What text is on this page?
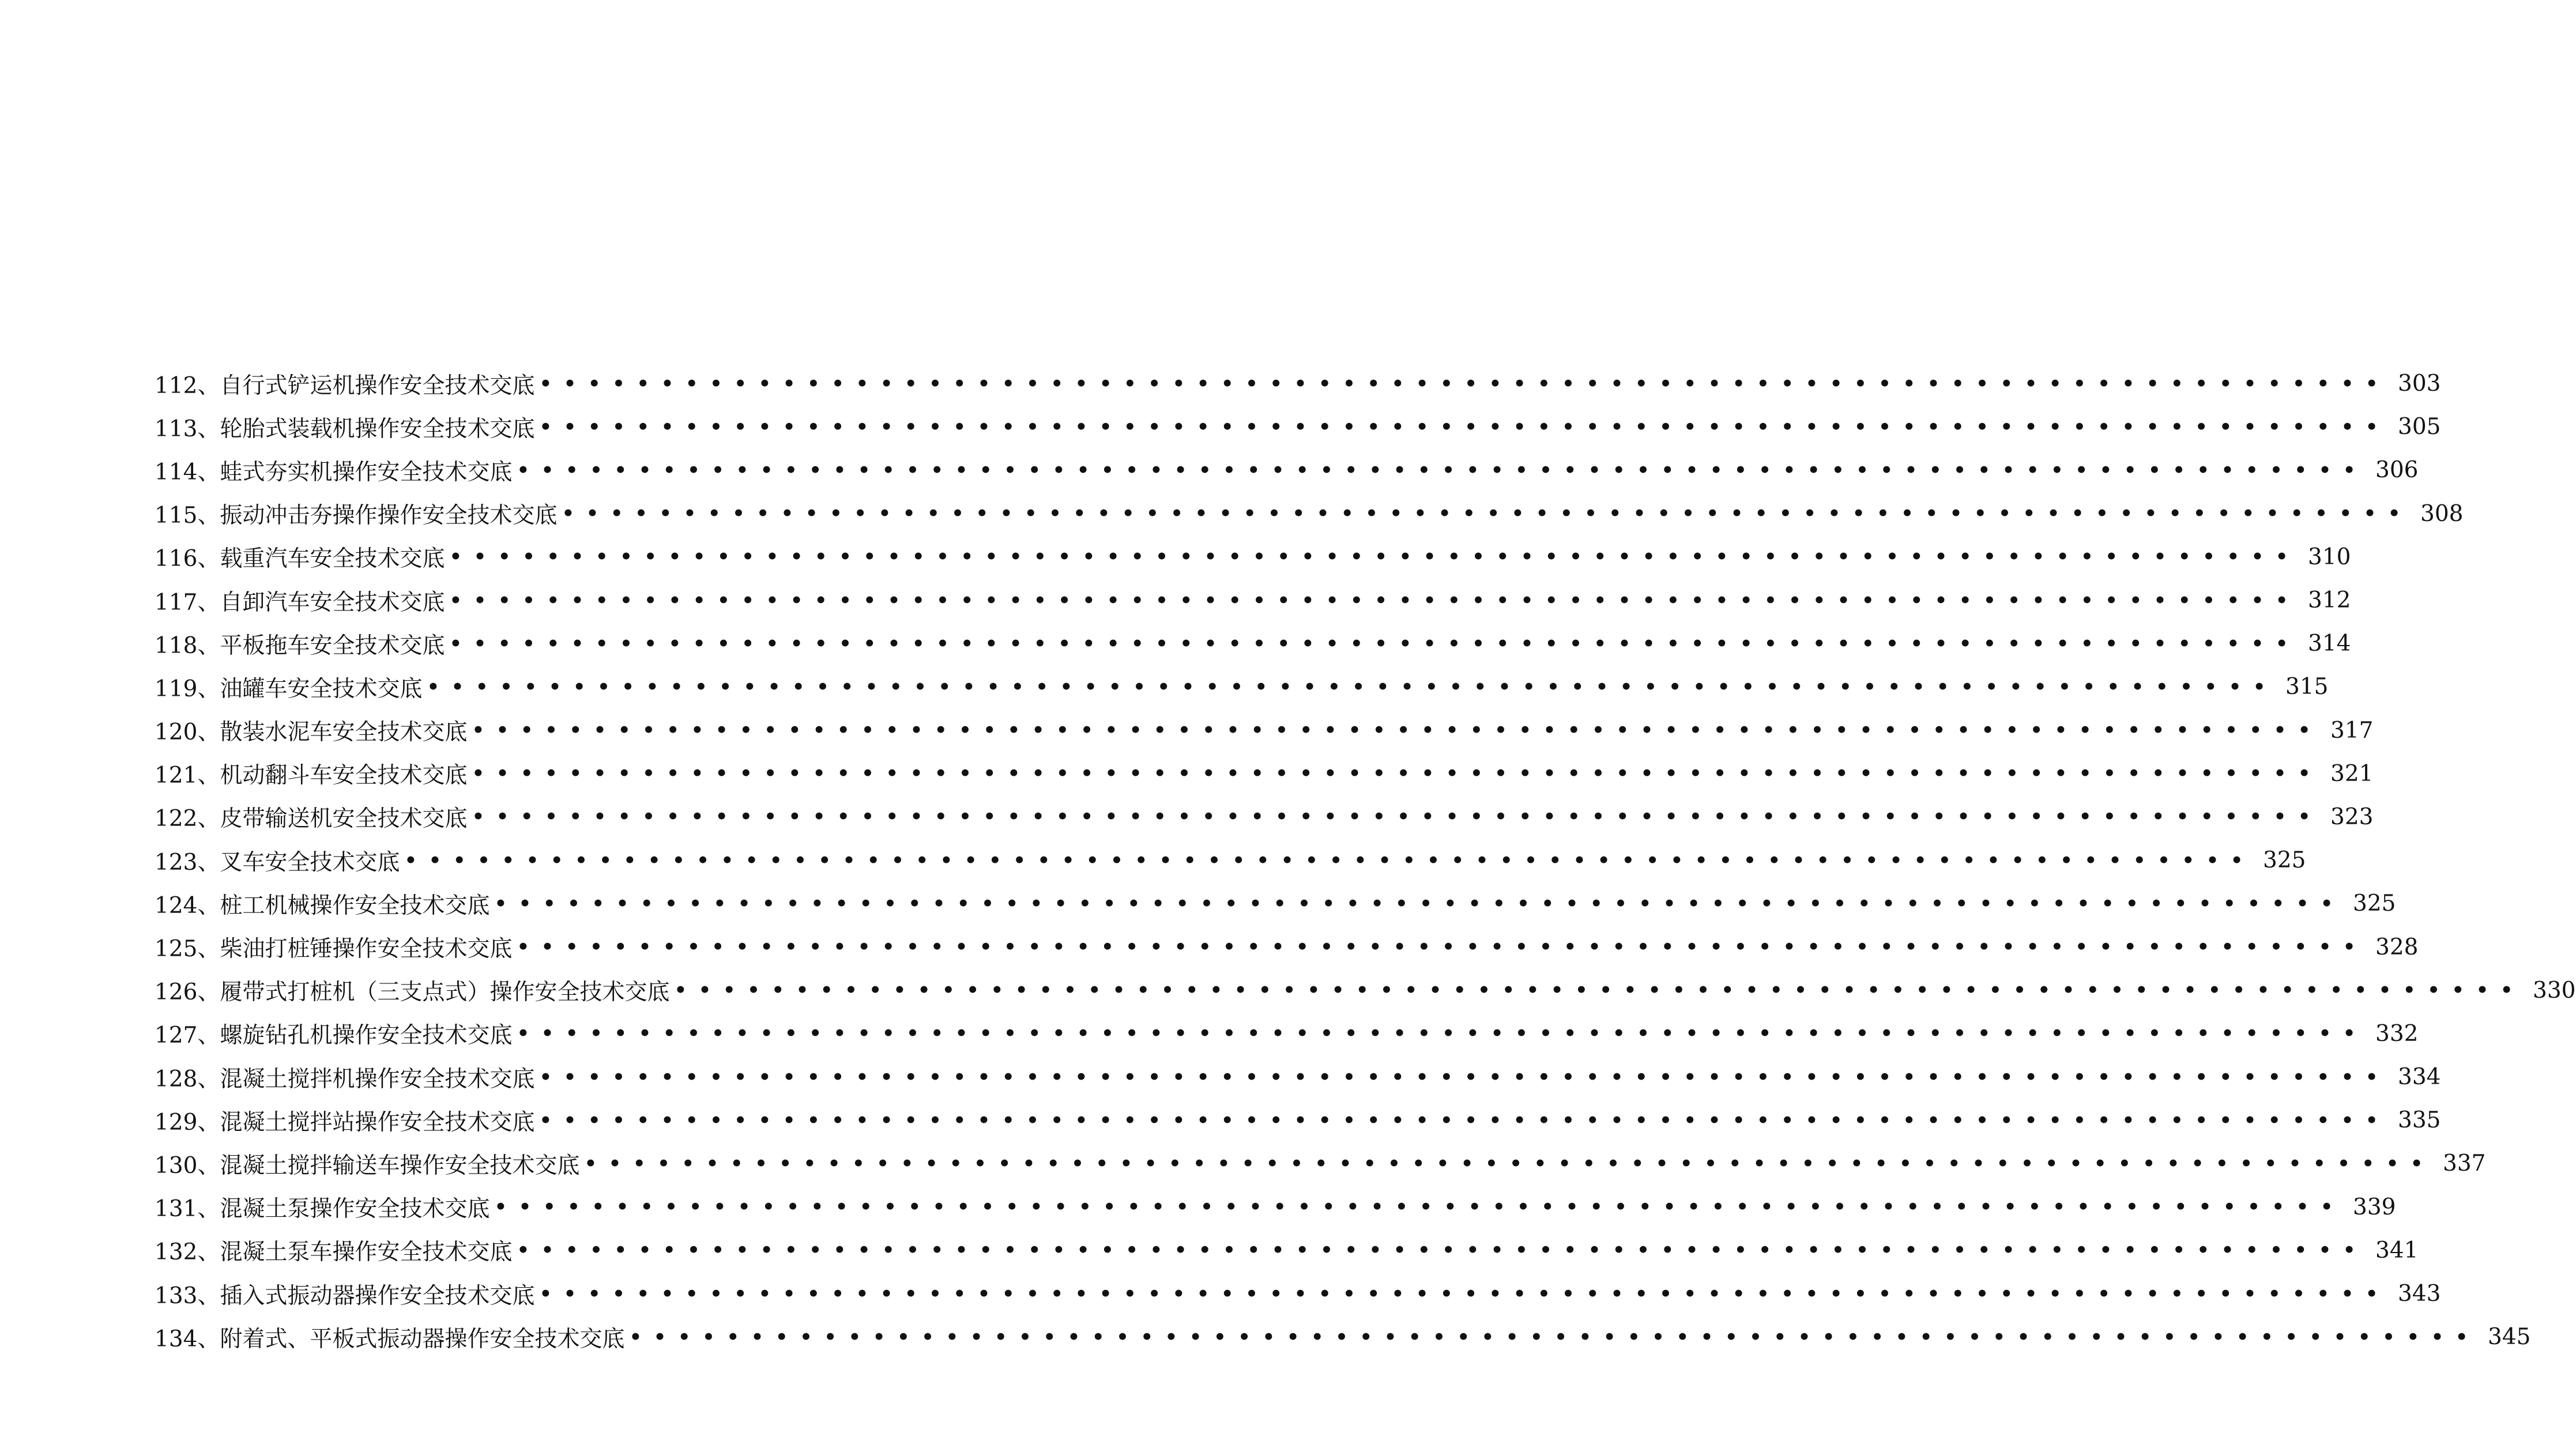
112、自行式铲运机操作安全技术交底 •••••••••••••••••••••••••••••••••••••••••••••••••••••••••••••••••••••••••••• 303
113、轮胎式装载机操作安全技术交底 •••••••••••••••••••••••••••••••••••••••••••••••••••••••••••••••••••••••••••• 305
114、蛙式夯实机操作安全技术交底 •••••••••••••••••••••••••••••••••••••••••••••••••••••••••••••••••••••••••••• 306
115、振动冲击夯操作操作安全技术交底 •••••••••••••••••••••••••••••••••••••••••••••••••••••••••••••••••••••••••••• 308
116、载重汽车安全技术交底 •••••••••••••••••••••••••••••••••••••••••••••••••••••••••••••••••••••••••••• 310
117、自卸汽车安全技术交底 •••••••••••••••••••••••••••••••••••••••••••••••••••••••••••••••••••••••••••• 312
118、平板拖车安全技术交底 •••••••••••••••••••••••••••••••••••••••••••••••••••••••••••••••••••••••••••• 314
119、油罐车安全技术交底 •••••••••••••••••••••••••••••••••••••••••••••••••••••••••••••••••••••••••••• 315
120、散装水泥车安全技术交底 •••••••••••••••••••••••••••••••••••••••••••••••••••••••••••••••••••••••••••• 317
121、机动翻斗车安全技术交底 •••••••••••••••••••••••••••••••••••••••••••••••••••••••••••••••••••••••••••• 321
122、皮带输送机安全技术交底 •••••••••••••••••••••••••••••••••••••••••••••••••••••••••••••••••••••••••••• 323
123、叉车安全技术交底 •••••••••••••••••••••••••••••••••••••••••••••••••••••••••••••••••••••••••••• 325
124、桩工机械操作安全技术交底 •••••••••••••••••••••••••••••••••••••••••••••••••••••••••••••••••••••••••••• 325
125、柴油打桩锤操作安全技术交底 •••••••••••••••••••••••••••••••••••••••••••••••••••••••••••••••••••••••••••• 328
126、履带式打桩机（三支点式）操作安全技术交底 •••••••••••••••••••••••••••••••••••••••••••••••••••••••••••••••••••••••••••• 330
127、螺旋钻孔机操作安全技术交底 •••••••••••••••••••••••••••••••••••••••••••••••••••••••••••••••••••••••••••• 332
128、混凝土搅拌机操作安全技术交底 •••••••••••••••••••••••••••••••••••••••••••••••••••••••••••••••••••••••••••• 334
129、混凝土搅拌站操作安全技术交底 •••••••••••••••••••••••••••••••••••••••••••••••••••••••••••••••••••••••••••• 335
130、混凝土搅拌输送车操作安全技术交底 •••••••••••••••••••••••••••••••••••••••••••••••••••••••••••••••••••••••••••• 337
131、混凝土泵操作安全技术交底 •••••••••••••••••••••••••••••••••••••••••••••••••••••••••••••••••••••••••••• 339
132、混凝土泵车操作安全技术交底 •••••••••••••••••••••••••••••••••••••••••••••••••••••••••••••••••••••••••••• 341
133、插入式振动器操作安全技术交底 •••••••••••••••••••••••••••••••••••••••••••••••••••••••••••••••••••••••••••• 343
134、附着式、平板式振动器操作安全技术交底 •••••••••••••••••••••••••••••••••••••••••••••••••••••••••••••••••••••••••••• 345
